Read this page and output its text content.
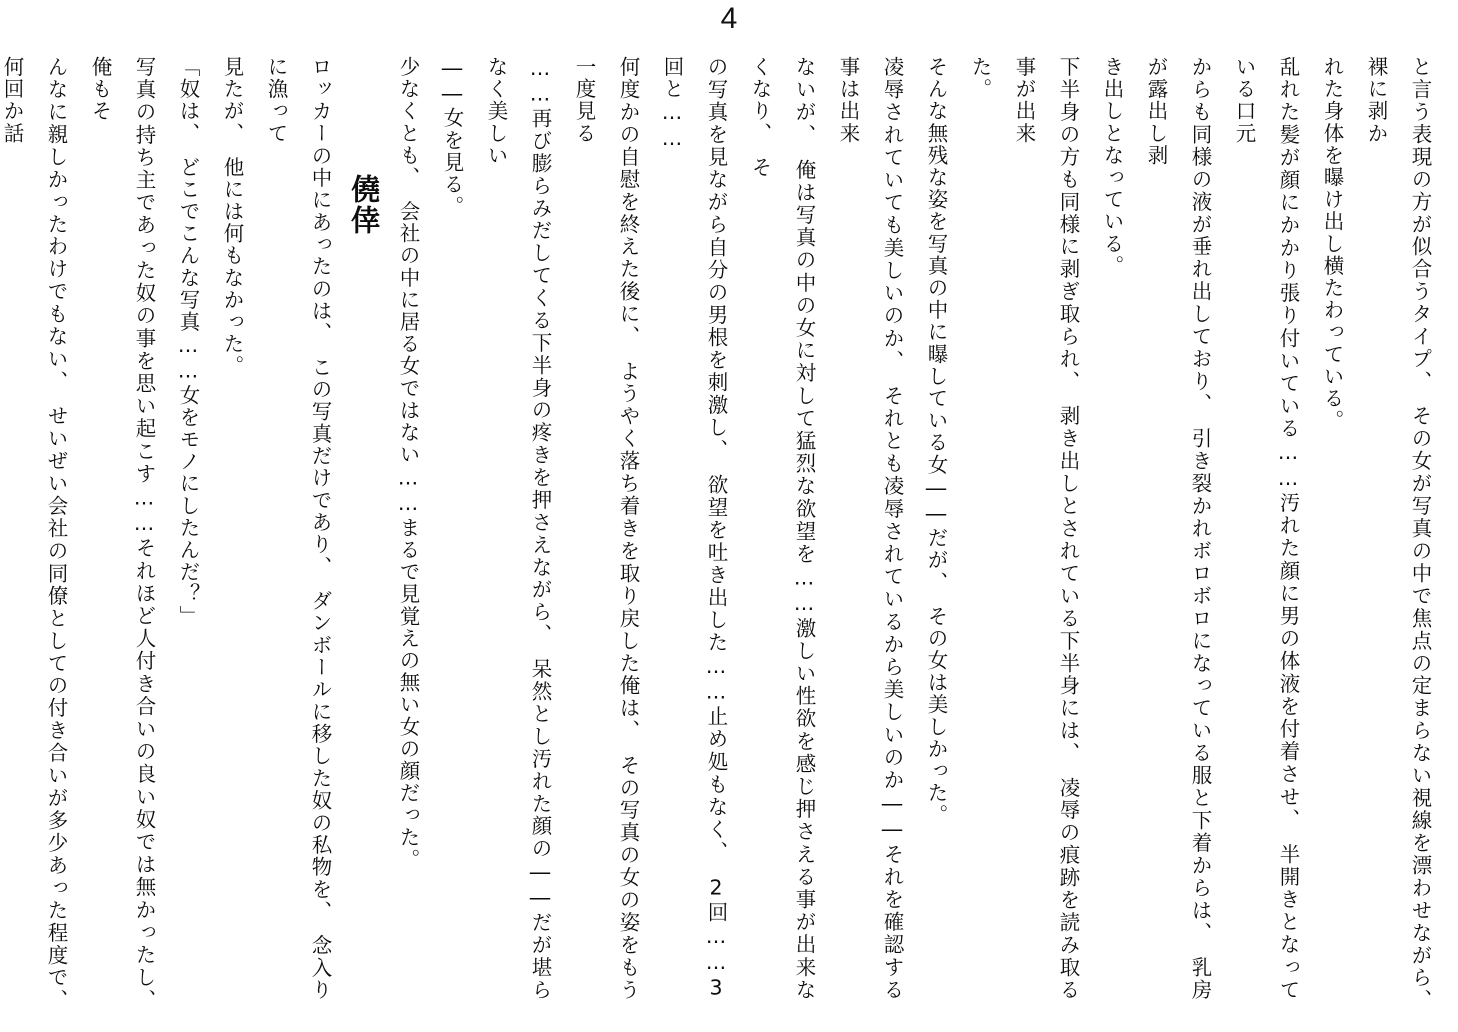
4

と言う表現の方が似合うタイプ、　その女が写真の中で焦点の定まらない視線を漂わせながら、　裸に剥か

れた身体を曝け出し横たわっている。

乱れた髪が顔にかかり張り付いている……汚れた顔に男の体液を付着させ、　半開きとなっている口元

からも同様の液が垂れ出しており、　引き裂かれボロボロになっている服と下着からは、　乳房が露出し剥

き出しとなっている。

下半身の方も同様に剥ぎ取られ、　剥き出しとされている下半身には、　凌辱の痕跡を読み取る事が出来

た。

そんな無残な姿を写真の中に曝している女――だが、　その女は美しかった。

凌辱されていても美しいのか、　それとも凌辱されているから美しいのか――それを確認する事は出来

ないが、　俺は写真の中の女に対して猛烈な欲望を……激しい性欲を感じ押さえる事が出来なくなり、　そ

の写真を見ながら自分の男根を刺激し、　欲望を吐き出した……止め処もなく、　2回……3回と……

何度かの自慰を終えた後に、　ようやく落ち着きを取り戻した俺は、　その写真の女の姿をもう一度見る

……再び膨らみだしてくる下半身の疼きを押さえながら、　呆然とし汚れた顔の――だが堪らなく美しい

――女を見る。

少なくとも、　会社の中に居る女ではない……まるで見覚えの無い女の顔だった。

僥倖

ロッカーの中にあったのは、　この写真だけであり、　ダンボールに移した奴の私物を、　念入りに漁って

見たが、　他には何もなかった。

「奴は、　どこでこんな写真……女をモノにしたんだ？」

写真の持ち主であった奴の事を思い起こす……それほど人付き合いの良い奴では無かったし、　俺もそ

んなに親しかったわけでもない、　せいぜい会社の同僚としての付き合いが多少あった程度で、　何回か話
